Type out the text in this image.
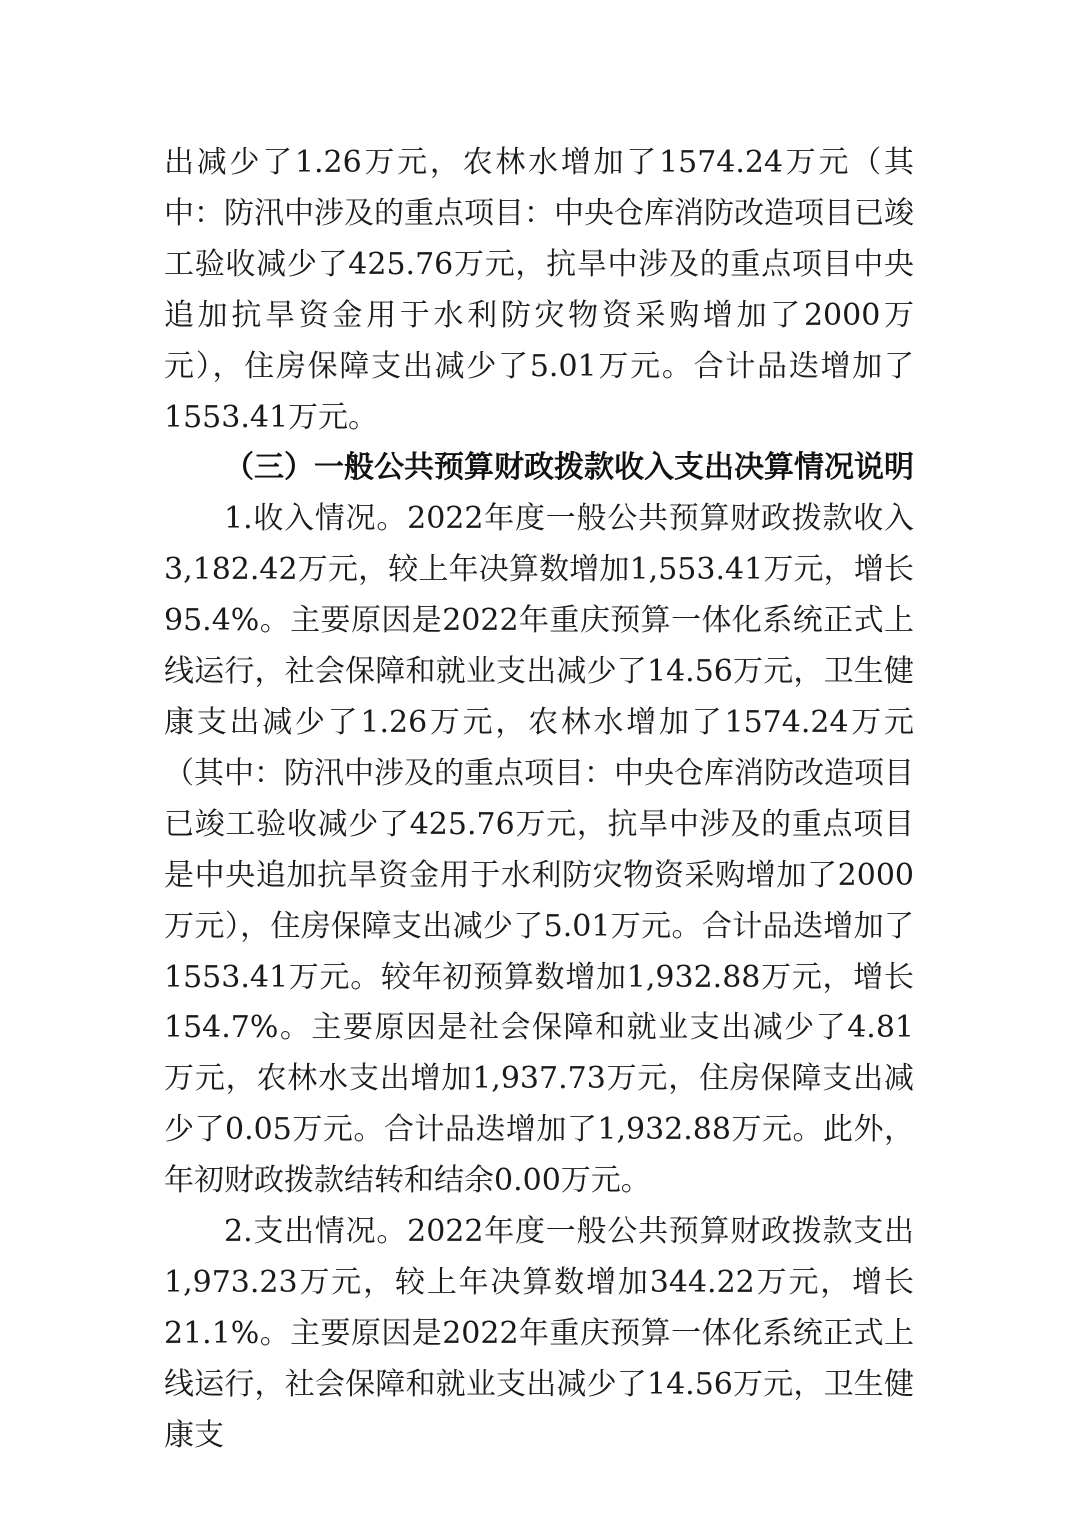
出减少了1.26万元，农林水增加了1574.24万元（其中：防汛中涉及的重点项目：中央仓库消防改造项目已竣工验收减少了425.76万元，抗旱中涉及的重点项目中央追加抗旱资金用于水利防灾物资采购增加了2000万元），住房保障支出减少了5.01万元。合计品迭增加了1553.41万元。

（三）一般公共预算财政拨款收入支出决算情况说明

1.收入情况。2022年度一般公共预算财政拨款收入3,182.42万元，较上年决算数增加1,553.41万元，增长95.4%。主要原因是2022年重庆预算一体化系统正式上线运行，社会保障和就业支出减少了14.56万元，卫生健康支出减少了1.26万元，农林水增加了1574.24万元（其中：防汛中涉及的重点项目：中央仓库消防改造项目已竣工验收减少了425.76万元，抗旱中涉及的重点项目是中央追加抗旱资金用于水利防灾物资采购增加了2000万元），住房保障支出减少了5.01万元。合计品迭增加了1553.41万元。较年初预算数增加1,932.88万元，增长154.7%。主要原因是社会保障和就业支出减少了4.81万元，农林水支出增加1,937.73万元，住房保障支出减少了0.05万元。合计品迭增加了1,932.88万元。此外，年初财政拨款结转和结余0.00万元。

2.支出情况。2022年度一般公共预算财政拨款支出1,973.23万元，较上年决算数增加344.22万元，增长21.1%。主要原因是2022年重庆预算一体化系统正式上线运行，社会保障和就业支出减少了14.56万元，卫生健康支
